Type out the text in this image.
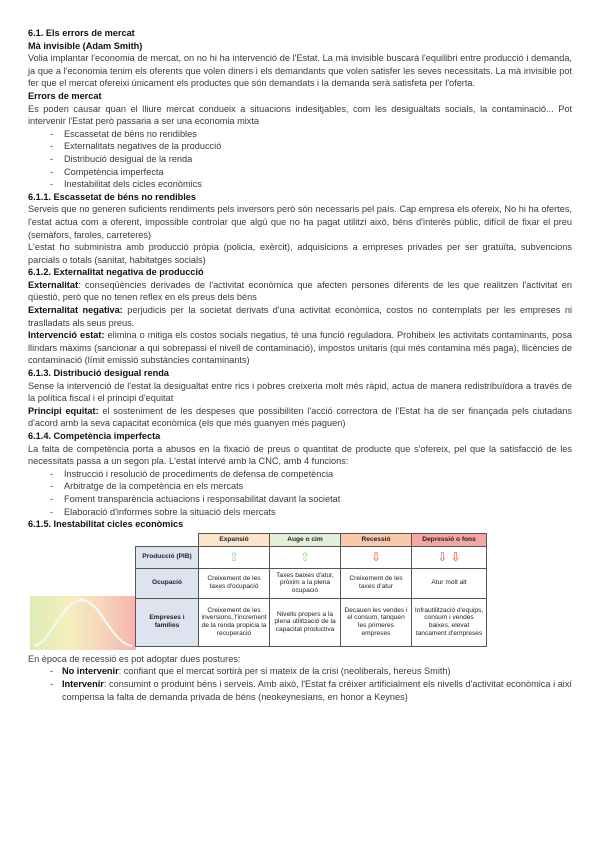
6.1. Els errors de mercat
Mà invisible (Adam Smith)

Volia implantar l'economia de mercat, on no hi ha intervenció de l'Estat. La mà invisible buscarà l'equilibri entre producció i demanda, ja que a l'economia tenim els oferents que volen diners i els demandants que volen satisfer les seves necessitats. La mà invisible pot fer que el mercat ofereixi únicament els productes que són demandats i la demanda serà satisfeta per l'oferta.

Errors de mercat

Es poden causar quan el lliure mercat condueix a situacions indesitjables, com les desigualtats socials, la contaminació... Pot intervenir l'Estat però passaria a ser una economia mixta

- Escassetat de béns no rendibles
- Externalitats negatives de la producció
- Distribució desigual de la renda
- Competència imperfecta
- Inestabilitat dels cicles econòmics
6.1.1. Escassetat de béns no rendibles

Serveis que no generen suficients rendiments pels inversors però són necessaris pel país. Cap empresa els ofereix, No hi ha ofertes, l'estat actua com a oferent, impossible controlar que algú que no ha pagat utilitzi això, béns d'interès públic, difícil de fixar el preu (semàfors, faroles, carreteres)

L'estat ho subministra amb producció pròpia (policia, exèrcit), adquisicions a empreses privades per ser gratuïta, subvencions parcials o totals (sanitat, habitatges socials)

6.1.2. Externalitat negativa de producció

Externalitat: conseqüències derivades de l'activitat econòmica que afecten persones diferents de les que realitzen l'activitat en qüestió, però que no tenen reflex en els preus dels béns

Externalitat negativa: perjudicis per la societat derivats d'una activitat econòmica, costos no contemplats per les empreses ni traslladats als seus preus.

Intervenció estat: elimina o mitiga els costos socials negatius, té una funció reguladora. Prohibeix les activitats contaminants, posa llindars màxims (sancionar a qui sobrepassi el nivell de contaminació), impostos unitaris (qui més contamina més paga), llicències de contaminació (límit emissió substàncies contaminants)

6.1.3. Distribució desigual renda

Sense la intervenció de l'estat la desigualtat entre rics i pobres creixeria molt més ràpid, actua de manera redistribuïdora a través de la política fiscal i el principi d'equitat

Principi equitat: el sosteniment de les despeses que possibiliten l'acció correctora de l'Estat ha de ser finançada pels ciutadans d'acord amb la seva capacitat econòmica (els que més guanyen més paguen)

6.1.4. Competència imperfecta

La falta de competència porta a abusos en la fixació de preus o quantitat de producte que s'ofereix, pel que la satisfacció de les necessitats passa a un segon pla. L'estat intervé amb la CNC, amb 4 funcions:

- Instrucció i resolució de procediments de defensa de competència
- Arbitratge de la competència en els mercats
- Foment transparència actuacions i responsabilitat davant la societat
- Elaboració d'informes sobre la situació dels mercats
6.1.5. Inestabilitat cicles econòmics
	Expansió	Auge o cim	Recessió	Depressió o fons
Producció (PIB)	⇧	⇧	⇩	⇩ ⇩
Ocupació	Creixement de les taxes d'ocupació	Taxes baixes d'atur, pròxim a la plena ocupació	Creixement de les taxes d'atur	Atur molt alt
Empreses i famílies	Creixement de les inversions, l'increment de la renda propicia la recuperació	Nivells propers a la plena utilització de la capacitat productiva	Decauen les vendes i el consum, tanquen les primeres empreses	Infrautilització d'equips, consum i vendes baixes, elevat tancament d'empreses

En època de recessió es pot adoptar dues postures:

- No intervenir: confiant que el mercat sortirà per si mateix de la crisi (neoliberals, hereus Smith)
- Intervenir: consumint o produint béns i serveis. Amb això, l'Estat fa créixer artificialment els nivells d'activitat econòmica i així compensa la falta de demanda privada de béns (neokeynesians, en honor a Keynes)
